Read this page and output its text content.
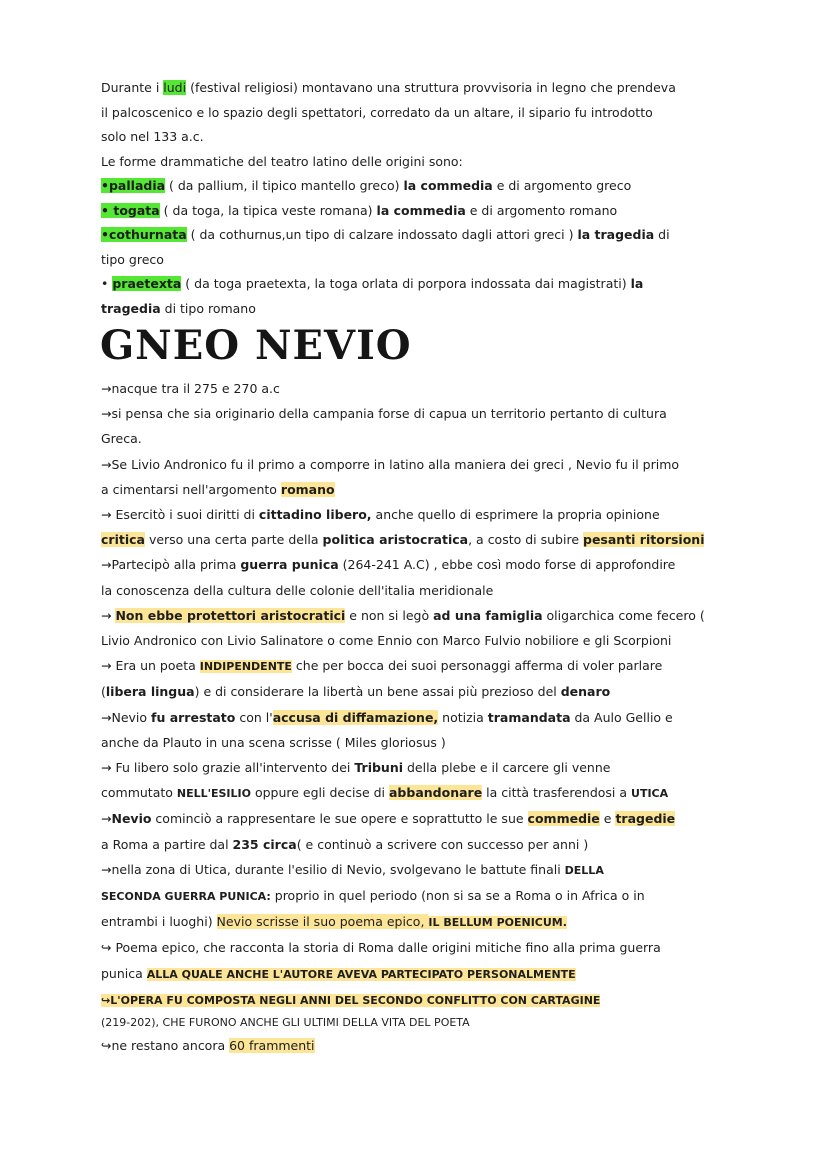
Durante i ludi (festival religiosi) montavano una struttura provvisoria in legno che prendeva
il palcoscenico e lo spazio degli spettatori, corredato da un altare, il sipario fu introdotto
solo nel 133 a.c.
Le forme drammatiche del teatro latino delle origini sono:
•palladia ( da pallium, il tipico mantello greco) la commedia e di argomento greco
• togata ( da toga, la tipica veste romana) la commedia e di argomento romano
•cothurnata ( da cothurnus,un tipo di calzare indossato dagli attori greci ) la tragedia di
tipo greco
• praetexta ( da toga praetexta, la toga orlata di porpora indossata dai magistrati) la
tragedia di tipo romano
GNEO NEVIO
→nacque tra il 275 e 270 a.c
→si pensa che sia originario della campania forse di capua un territorio pertanto di cultura
Greca.
→Se Livio Andronico fu il primo a comporre in latino alla maniera dei greci , Nevio fu il primo
a cimentarsi nell'argomento romano
→ Esercitò i suoi diritti di cittadino libero, anche quello di esprimere la propria opinione
critica verso una certa parte della politica aristocratica, a costo di subire pesanti ritorsioni
→Partecipò alla prima guerra punica (264-241 A.C) , ebbe così modo forse di approfondire
la conoscenza della cultura delle colonie dell'italia meridionale
→ Non ebbe protettori aristocratici e non si legò ad una famiglia oligarchica come fecero (
Livio Andronico con Livio Salinatore o come Ennio con Marco Fulvio nobiliore e gli Scorpioni
→ Era un poeta INDIPENDENTE che per bocca dei suoi personaggi afferma di voler parlare
(libera lingua) e di considerare la libertà un bene assai più prezioso del denaro
→Nevio fu arrestato con l'accusa di diffamazione, notizia tramandata da Aulo Gellio e
anche da Plauto in una scena scrisse ( Miles gloriosus )
→ Fu libero solo grazie all'intervento dei Tribuni della plebe e il carcere gli venne
commutato NELL'ESILIO oppure egli decise di abbandonare la città trasferendosi a UTICA
→Nevio cominciò a rappresentare le sue opere e soprattutto le sue commedie e tragedie
a Roma a partire dal 235 circa( e continuò a scrivere con successo per anni )
→nella zona di Utica, durante l'esilio di Nevio, svolgevano le battute finali DELLA
SECONDA GUERRA PUNICA: proprio in quel periodo (non si sa se a Roma o in Africa o in
entrambi i luoghi) Nevio scrisse il suo poema epico, IL BELLUM POENICUM.
↪ Poema epico, che racconta la storia di Roma dalle origini mitiche fino alla prima guerra
punica ALLA QUALE ANCHE L'AUTORE AVEVA PARTECIPATO PERSONALMENTE
↪L'OPERA FU COMPOSTA NEGLI ANNI DEL SECONDO CONFLITTO CON CARTAGINE
(219-202), CHE FURONO ANCHE GLI ULTIMI DELLA VITA DEL POETA
↪ne restano ancora 60 frammenti
